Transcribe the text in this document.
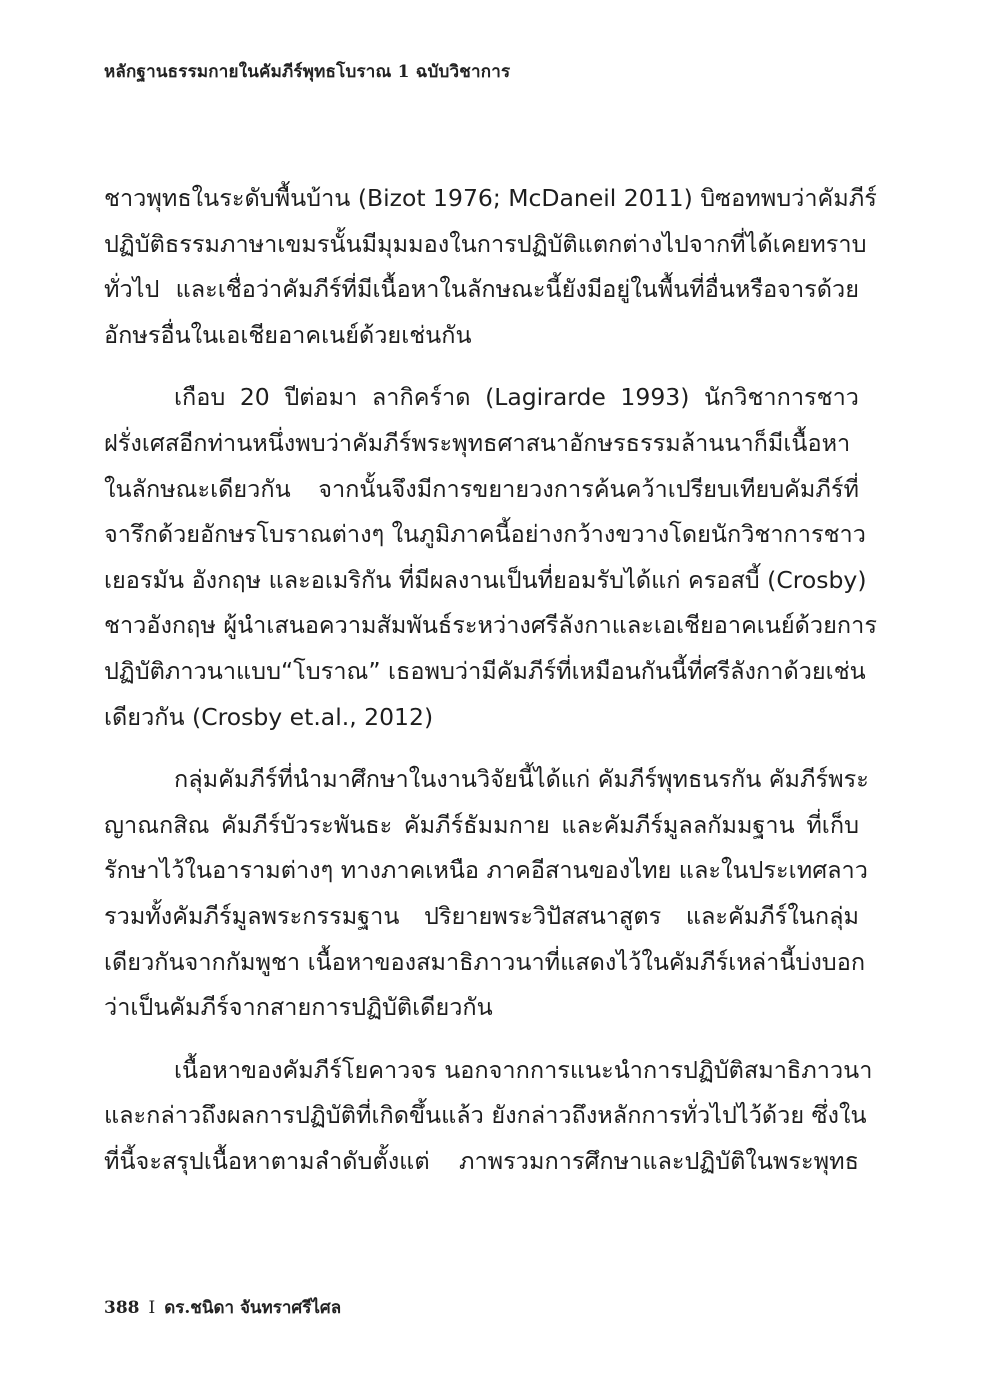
หลักฐานธรรมกายในคัมภีร์พุทธโบราณ 1 ฉบับวิชาการ

ชาวพุทธในระดับพื้นบ้าน (Bizot 1976; McDaneil 2011) บิซอทพบว่าคัมภีร์
ปฏิบัติธรรมภาษาเขมรนั้นมีมุมมองในการปฏิบัติแตกต่างไปจากที่ได้เคยทราบ
ทั่วไป และเชื่อว่าคัมภีร์ที่มีเนื้อหาในลักษณะนี้ยังมีอยู่ในพื้นที่อื่นหรือจารด้วย
อักษรอื่นในเอเชียอาคเนย์ด้วยเช่นกัน

เกือบ 20 ปีต่อมา ลากิคร์าด (Lagirarde 1993) นักวิชาการชาว
ฝรั่งเศสอีกท่านหนึ่งพบว่าคัมภีร์พระพุทธศาสนาอักษรธรรมล้านนาก็มีเนื้อหา
ในลักษณะเดียวกัน จากนั้นจึงมีการขยายวงการค้นคว้าเปรียบเทียบคัมภีร์ที่
จารึกด้วยอักษรโบราณต่างๆ ในภูมิภาคนี้อย่างกว้างขวางโดยนักวิชาการชาว
เยอรมัน อังกฤษ และอเมริกัน ที่มีผลงานเป็นที่ยอมรับได้แก่ ครอสบี้ (Crosby)
ชาวอังกฤษ ผู้นำเสนอความสัมพันธ์ระหว่างศรีลังกาและเอเชียอาคเนย์ด้วยการ
ปฏิบัติภาวนาแบบ“โบราณ” เธอพบว่ามีคัมภีร์ที่เหมือนกันนี้ที่ศรีลังกาด้วยเช่น
เดียวกัน (Crosby et.al., 2012)

กลุ่มคัมภีร์ที่นำมาศึกษาในงานวิจัยนี้ได้แก่ คัมภีร์พุทธนรกัน คัมภีร์พระ
ญาณกสิณ คัมภีร์บัวระพันธะ คัมภีร์ธัมมกาย และคัมภีร์มูลลกัมมฐาน ที่เก็บ
รักษาไว้ในอารามต่างๆ ทางภาคเหนือ ภาคอีสานของไทย และในประเทศลาว
รวมทั้งคัมภีร์มูลพระกรรมฐาน ปริยายพระวิปัสสนาสูตร และคัมภีร์ในกลุ่ม
เดียวกันจากกัมพูชา เนื้อหาของสมาธิภาวนาที่แสดงไว้ในคัมภีร์เหล่านี้บ่งบอก
ว่าเป็นคัมภีร์จากสายการปฏิบัติเดียวกัน

เนื้อหาของคัมภีร์โยคาวจร นอกจากการแนะนำการปฏิบัติสมาธิภาวนา
และกล่าวถึงผลการปฏิบัติที่เกิดขึ้นแล้ว ยังกล่าวถึงหลักการทั่วไปไว้ด้วย ซึ่งใน
ที่นี้จะสรุปเนื้อหาตามลำดับตั้งแต่ ภาพรวมการศึกษาและปฏิบัติในพระพุทธ

388 I ดร.ชนิดา จันทราศรีไศล
